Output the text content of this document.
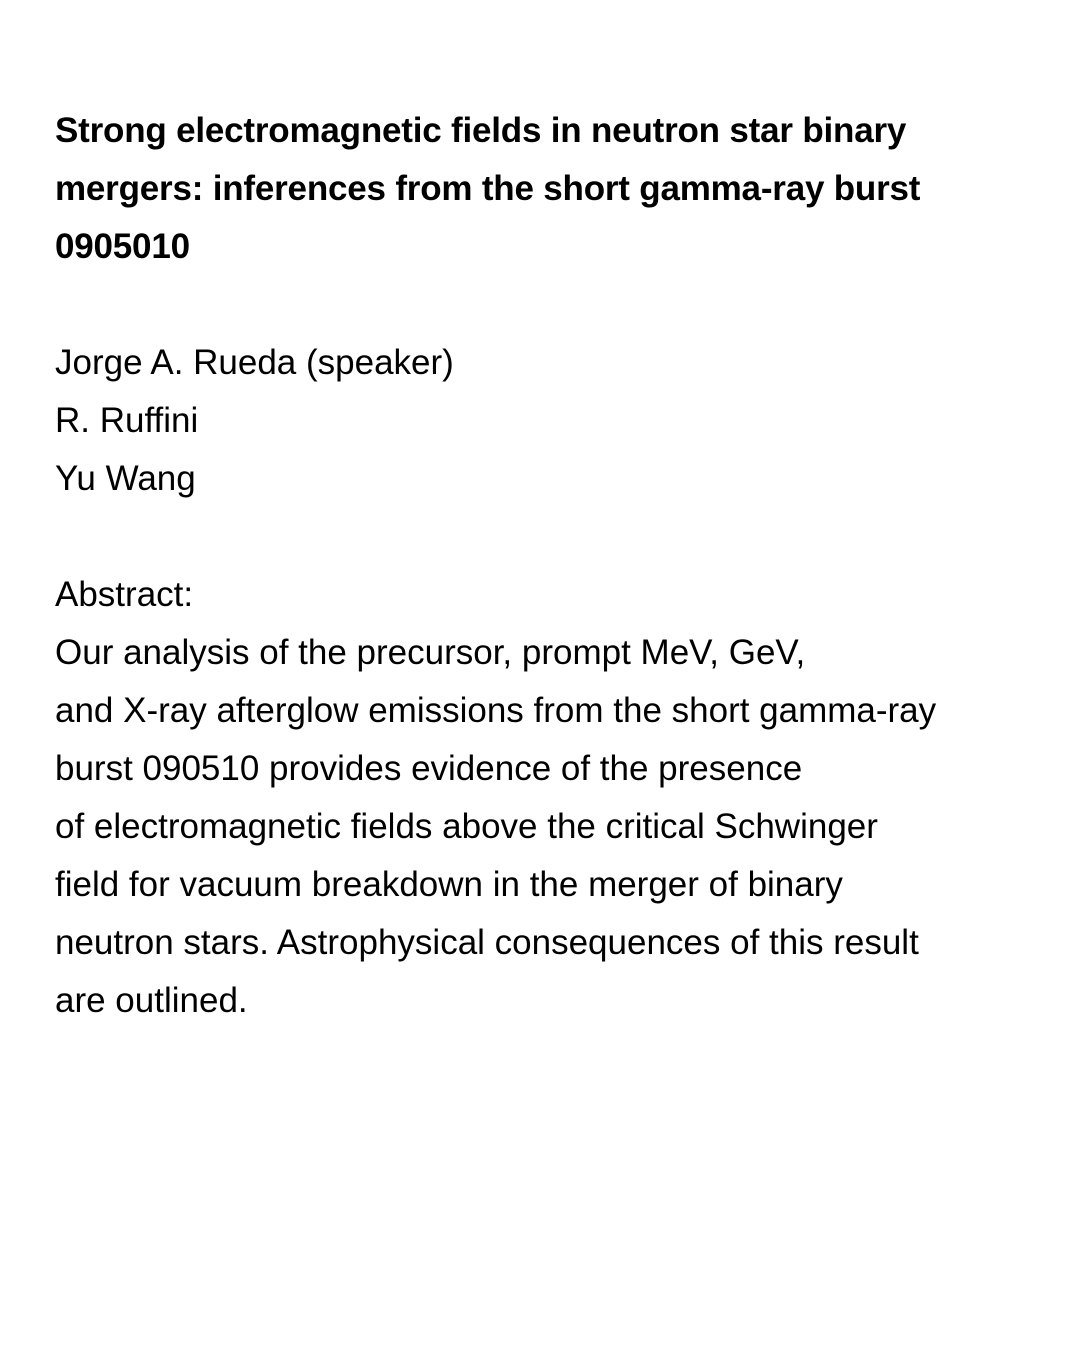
Strong electromagnetic fields in neutron star binary
mergers: inferences from the short gamma-ray burst
0905010
Jorge A. Rueda (speaker)
R. Ruffini
Yu Wang
Abstract:
Our analysis of the precursor, prompt MeV, GeV,
and X-ray afterglow emissions from the short gamma-ray
burst 090510 provides evidence of the presence
of electromagnetic fields above the critical Schwinger
field for vacuum breakdown in the merger of binary
neutron stars. Astrophysical consequences of this result
are outlined.
